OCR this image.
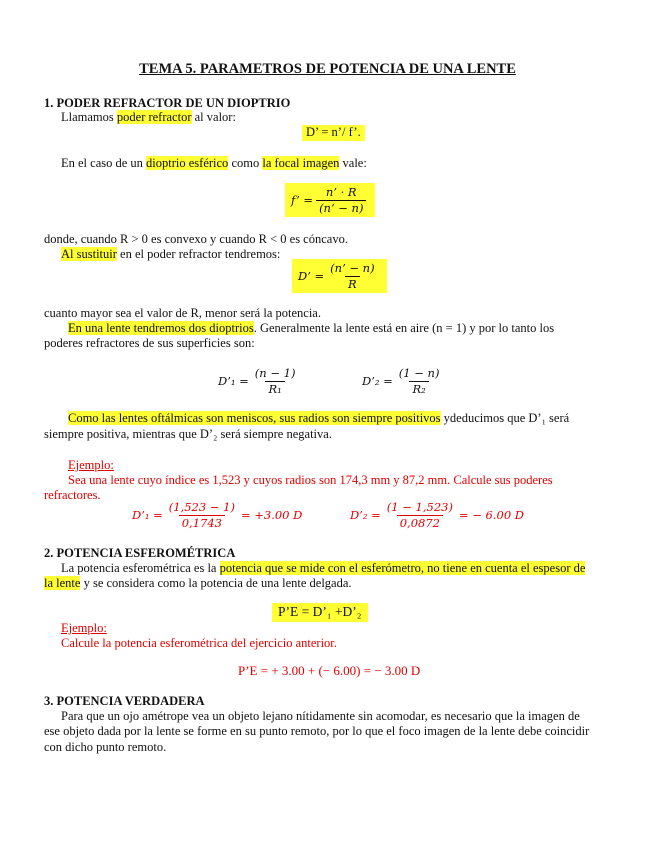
TEMA 5. PARAMETROS DE POTENCIA DE UNA LENTE
1. PODER REFRACTOR DE UN DIOPTRIO
Llamamos poder refractor al valor:
D’ = n’/ f’.
En el caso de un dioptrio esférico como la focal imagen vale:
f’ = $\frac{n’ \cdot R}{(n’ - n)}$
donde, cuando R > 0 es convexo y cuando R < 0 es cóncavo.
Al sustituir en el poder refractor tendremos:
D’ = $\frac{(n’ - n)}{R}$
cuanto mayor sea el valor de R, menor será la potencia.
En una lente tendremos dos dioptrios. Generalmente la lente está en aire (n = 1) y por lo tanto los
poderes refractores de sus superficies son:
D’₁ = $\frac{(n - 1)}{\text{R₁}}$	D’₂ = $\frac{(1 - n)}{\text{R₂}}$
Como las lentes oftálmicas son meniscos, sus radios son siempre positivos ydeducimos que D’₁ será
siempre positiva, mientras que D’₂ será siempre negativa.
Ejemplo:
Sea una lente cuyo índice es 1,523 y cuyos radios son 174,3 mm y 87,2 mm. Calcule sus poderes
refractores.
D’₁ = $\frac{(1,523 - 1)}{0,1743} = +3.00$ D	D’₂ = $\frac{(1 - 1,523)}{0,0872}$ = − 6.00 D
2. POTENCIA ESFEROMÉTRICA
La potencia esferométrica es la potencia que se mide con el esferómetro, no tiene en cuenta el espesor de
la lente y se considera como la potencia de una lente delgada.
P’E = D’₁ +D’₂
Ejemplo:
Calcule la potencia esferométrica del ejercicio anterior.
P’E = + 3.00 + (− 6.00) = − 3.00 D
3. POTENCIA VERDADERA
Para que un ojo amétrope vea un objeto lejano nítidamente sin acomodar, es necesario que la imagen de
ese objeto dada por la lente se forme en su punto remoto, por lo que el foco imagen de la lente debe coincidir
con dicho punto remoto.
